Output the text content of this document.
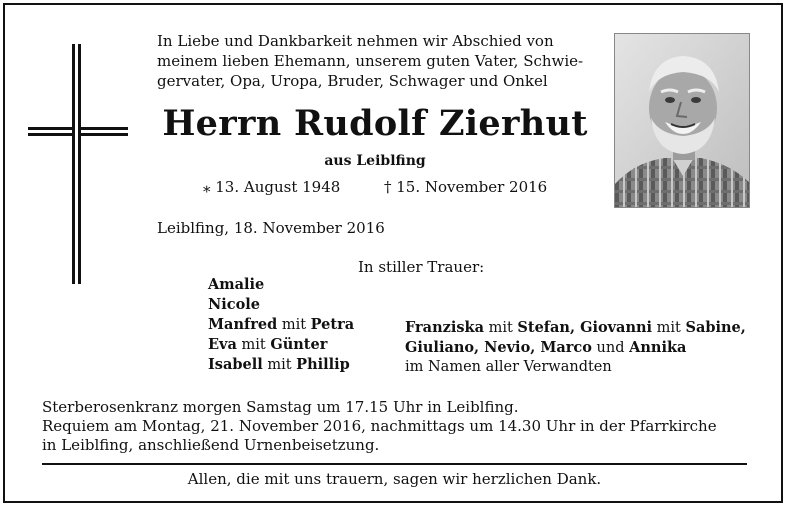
In Liebe und Dankbarkeit nehmen wir Abschied von
meinem lieben Ehemann, unserem guten Vater, Schwie-
gervater, Opa, Uropa, Bruder, Schwager und Onkel
Herrn Rudolf Zierhut
aus Leiblfing
⁎ 13. August 1948	† 15. November 2016
Leiblfing, 18. November 2016
In stiller Trauer:
Amalie
Nicole
Manfred mit Petra
Eva mit Günter
Isabell mit Phillip
Franziska mit Stefan, Giovanni mit Sabine,
Giuliano, Nevio, Marco und Annika
im Namen aller Verwandten
Sterberosenkranz morgen Samstag um 17.15 Uhr in Leiblfing.
Requiem am Montag, 21. November 2016, nachmittags um 14.30 Uhr in der Pfarrkirche
in Leiblfing, anschließend Urnenbeisetzung.
Allen, die mit uns trauern, sagen wir herzlichen Dank.
